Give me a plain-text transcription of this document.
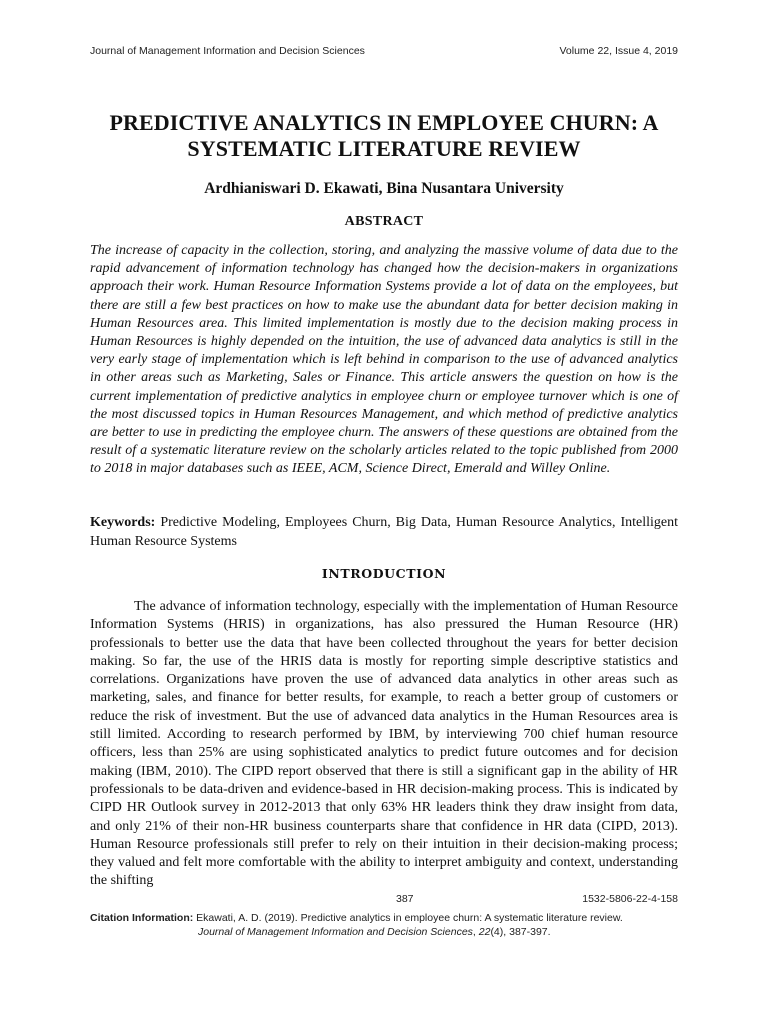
Journal of Management Information and Decision Sciences	Volume 22, Issue 4, 2019
PREDICTIVE ANALYTICS IN EMPLOYEE CHURN: A SYSTEMATIC LITERATURE REVIEW
Ardhianiswari D. Ekawati, Bina Nusantara University
ABSTRACT

The increase of capacity in the collection, storing, and analyzing the massive volume of data due to the rapid advancement of information technology has changed how the decision-makers in organizations approach their work. Human Resource Information Systems provide a lot of data on the employees, but there are still a few best practices on how to make use the abundant data for better decision making in Human Resources area. This limited implementation is mostly due to the decision making process in Human Resources is highly depended on the intuition, the use of advanced data analytics is still in the very early stage of implementation which is left behind in comparison to the use of advanced analytics in other areas such as Marketing, Sales or Finance. This article answers the question on how is the current implementation of predictive analytics in employee churn or employee turnover which is one of the most discussed topics in Human Resources Management, and which method of predictive analytics are better to use in predicting the employee churn. The answers of these questions are obtained from the result of a systematic literature review on the scholarly articles related to the topic published from 2000 to 2018 in major databases such as IEEE, ACM, Science Direct, Emerald and Willey Online.

Keywords: Predictive Modeling, Employees Churn, Big Data, Human Resource Analytics, Intelligent Human Resource Systems

INTRODUCTION

The advance of information technology, especially with the implementation of Human Resource Information Systems (HRIS) in organizations, has also pressured the Human Resource (HR) professionals to better use the data that have been collected throughout the years for better decision making. So far, the use of the HRIS data is mostly for reporting simple descriptive statistics and correlations. Organizations have proven the use of advanced data analytics in other areas such as marketing, sales, and finance for better results, for example, to reach a better group of customers or reduce the risk of investment. But the use of advanced data analytics in the Human Resources area is still limited. According to research performed by IBM, by interviewing 700 chief human resource officers, less than 25% are using sophisticated analytics to predict future outcomes and for decision making (IBM, 2010). The CIPD report observed that there is still a significant gap in the ability of HR professionals to be data-driven and evidence-based in HR decision-making process. This is indicated by CIPD HR Outlook survey in 2012-2013 that only 63% HR leaders think they draw insight from data, and only 21% of their non-HR business counterparts share that confidence in HR data (CIPD, 2013). Human Resource professionals still prefer to rely on their intuition in their decision-making process; they valued and felt more comfortable with the ability to interpret ambiguity and context, understanding the shifting

387	1532-5806-22-4-158

Citation Information: Ekawati, A. D. (2019). Predictive analytics in employee churn: A systematic literature review.
Journal of Management Information and Decision Sciences, 22(4), 387-397.
